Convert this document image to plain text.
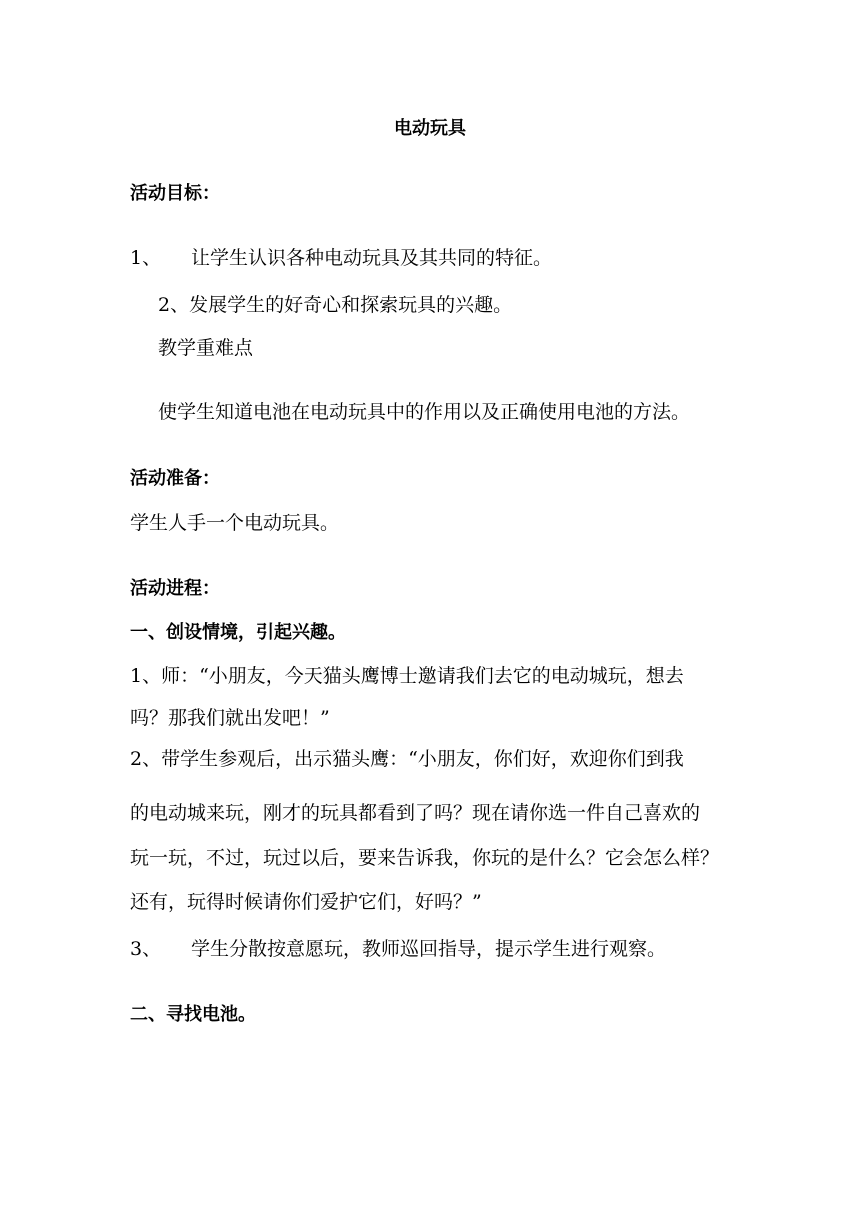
电动玩具
活动目标：
1、 让学生认识各种电动玩具及其共同的特征。
2、发展学生的好奇心和探索玩具的兴趣。
教学重难点
使学生知道电池在电动玩具中的作用以及正确使用电池的方法。
活动准备：
学生人手一个电动玩具。
活动进程：
一、创设情境，引起兴趣。
1、师：“小朋友，今天猫头鹰博士邀请我们去它的电动城玩，想去
吗？那我们就出发吧！”
2、带学生参观后，出示猫头鹰：“小朋友，你们好，欢迎你们到我
的电动城来玩，刚才的玩具都看到了吗？现在请你选一件自己喜欢的
玩一玩，不过，玩过以后，要来告诉我，你玩的是什么？它会怎么样？
还有，玩得时候请你们爱护它们，好吗？”
3、 学生分散按意愿玩，教师巡回指导，提示学生进行观察。
二、寻找电池。
